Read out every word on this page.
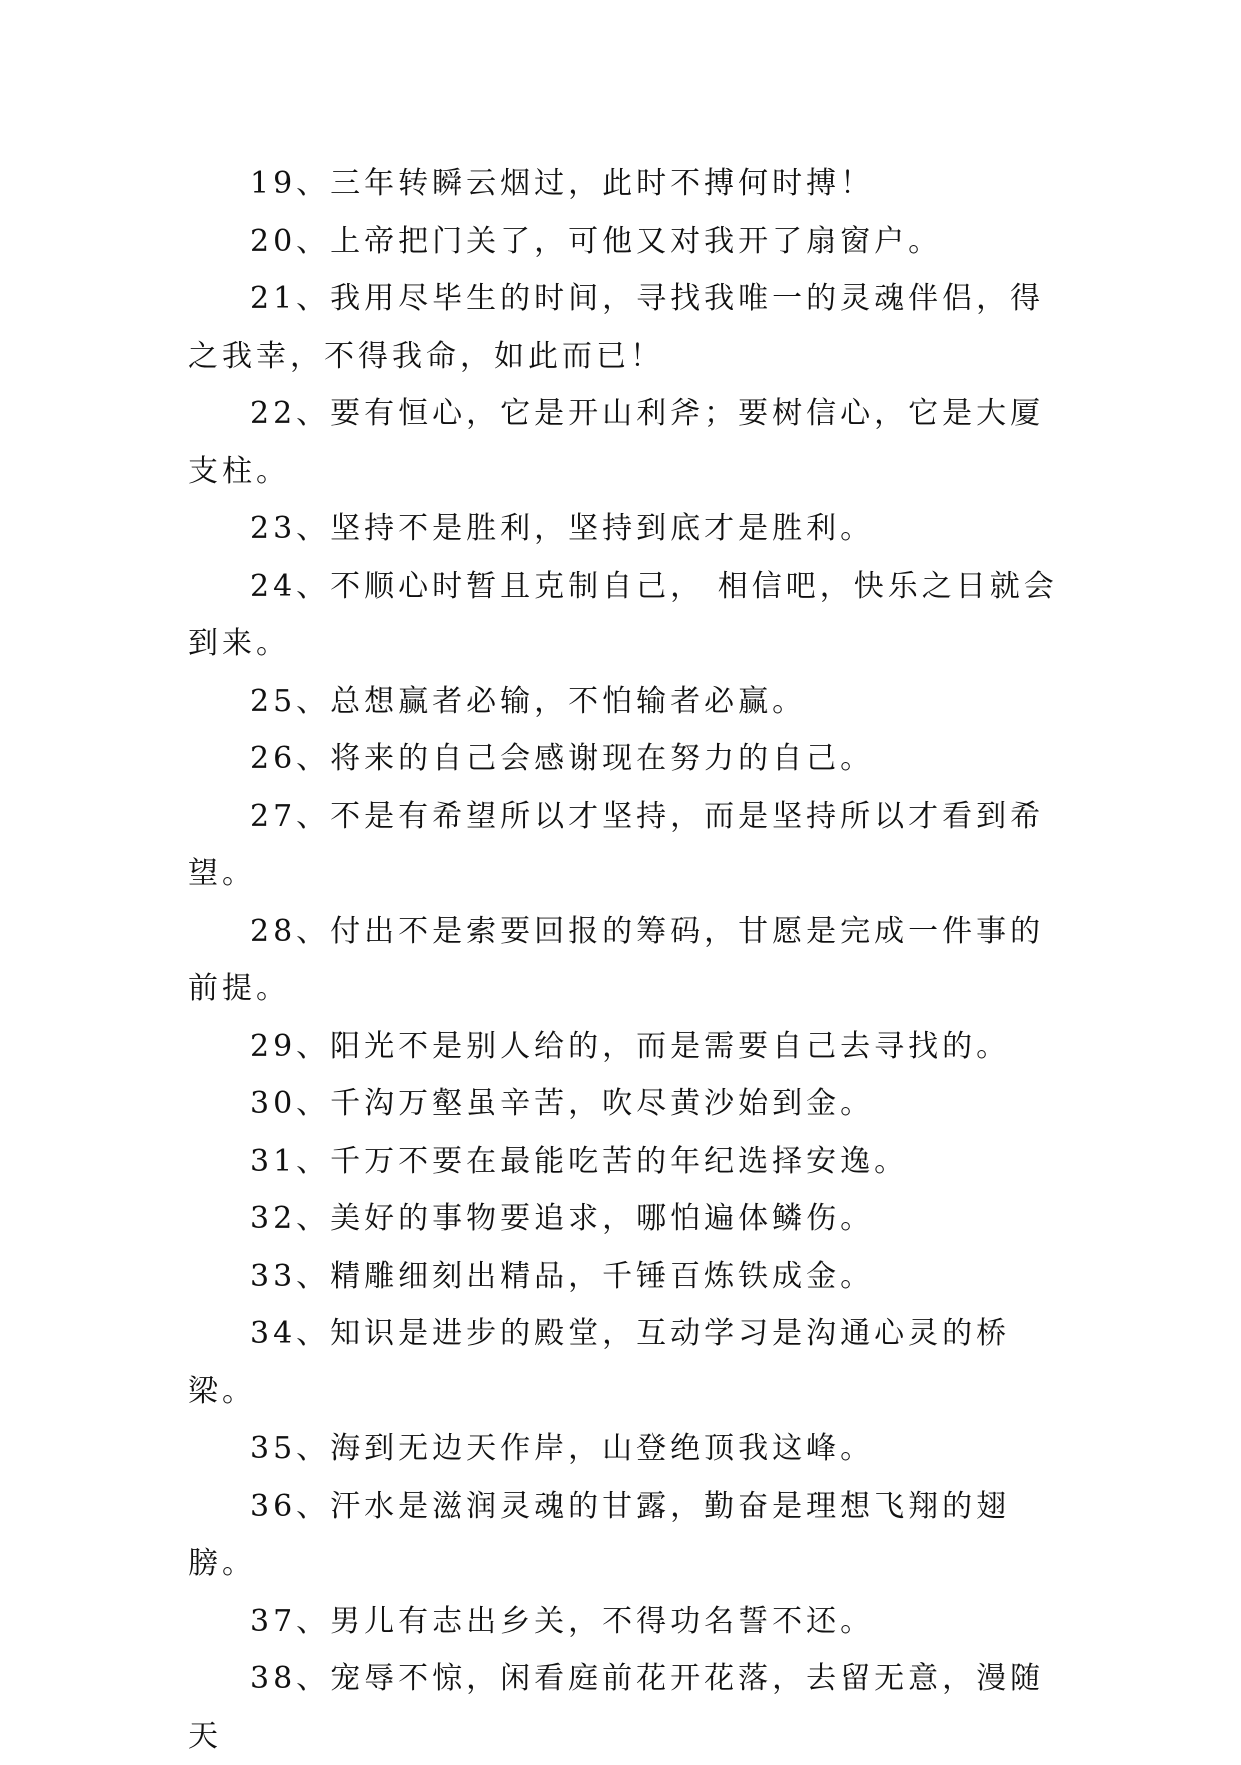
19、三年转瞬云烟过，此时不搏何时搏！

20、上帝把门关了，可他又对我开了扇窗户。

21、我用尽毕生的时间，寻找我唯一的灵魂伴侣，得之我幸，不得我命，如此而已！

22、要有恒心，它是开山利斧；要树信心，它是大厦支柱。

23、坚持不是胜利，坚持到底才是胜利。

24、不顺心时暂且克制自己， 相信吧，快乐之日就会到来。

25、总想赢者必输，不怕输者必赢。

26、将来的自己会感谢现在努力的自己。

27、不是有希望所以才坚持，而是坚持所以才看到希望。

28、付出不是索要回报的筹码，甘愿是完成一件事的前提。

29、阳光不是别人给的，而是需要自己去寻找的。

30、千沟万壑虽辛苦，吹尽黄沙始到金。

31、千万不要在最能吃苦的年纪选择安逸。

32、美好的事物要追求，哪怕遍体鳞伤。

33、精雕细刻出精品，千锤百炼铁成金。

34、知识是进步的殿堂，互动学习是沟通心灵的桥梁。

35、海到无边天作岸，山登绝顶我这峰。

36、汗水是滋润灵魂的甘露，勤奋是理想飞翔的翅膀。

37、男儿有志出乡关，不得功名誓不还。

38、宠辱不惊，闲看庭前花开花落，去留无意，漫随天
